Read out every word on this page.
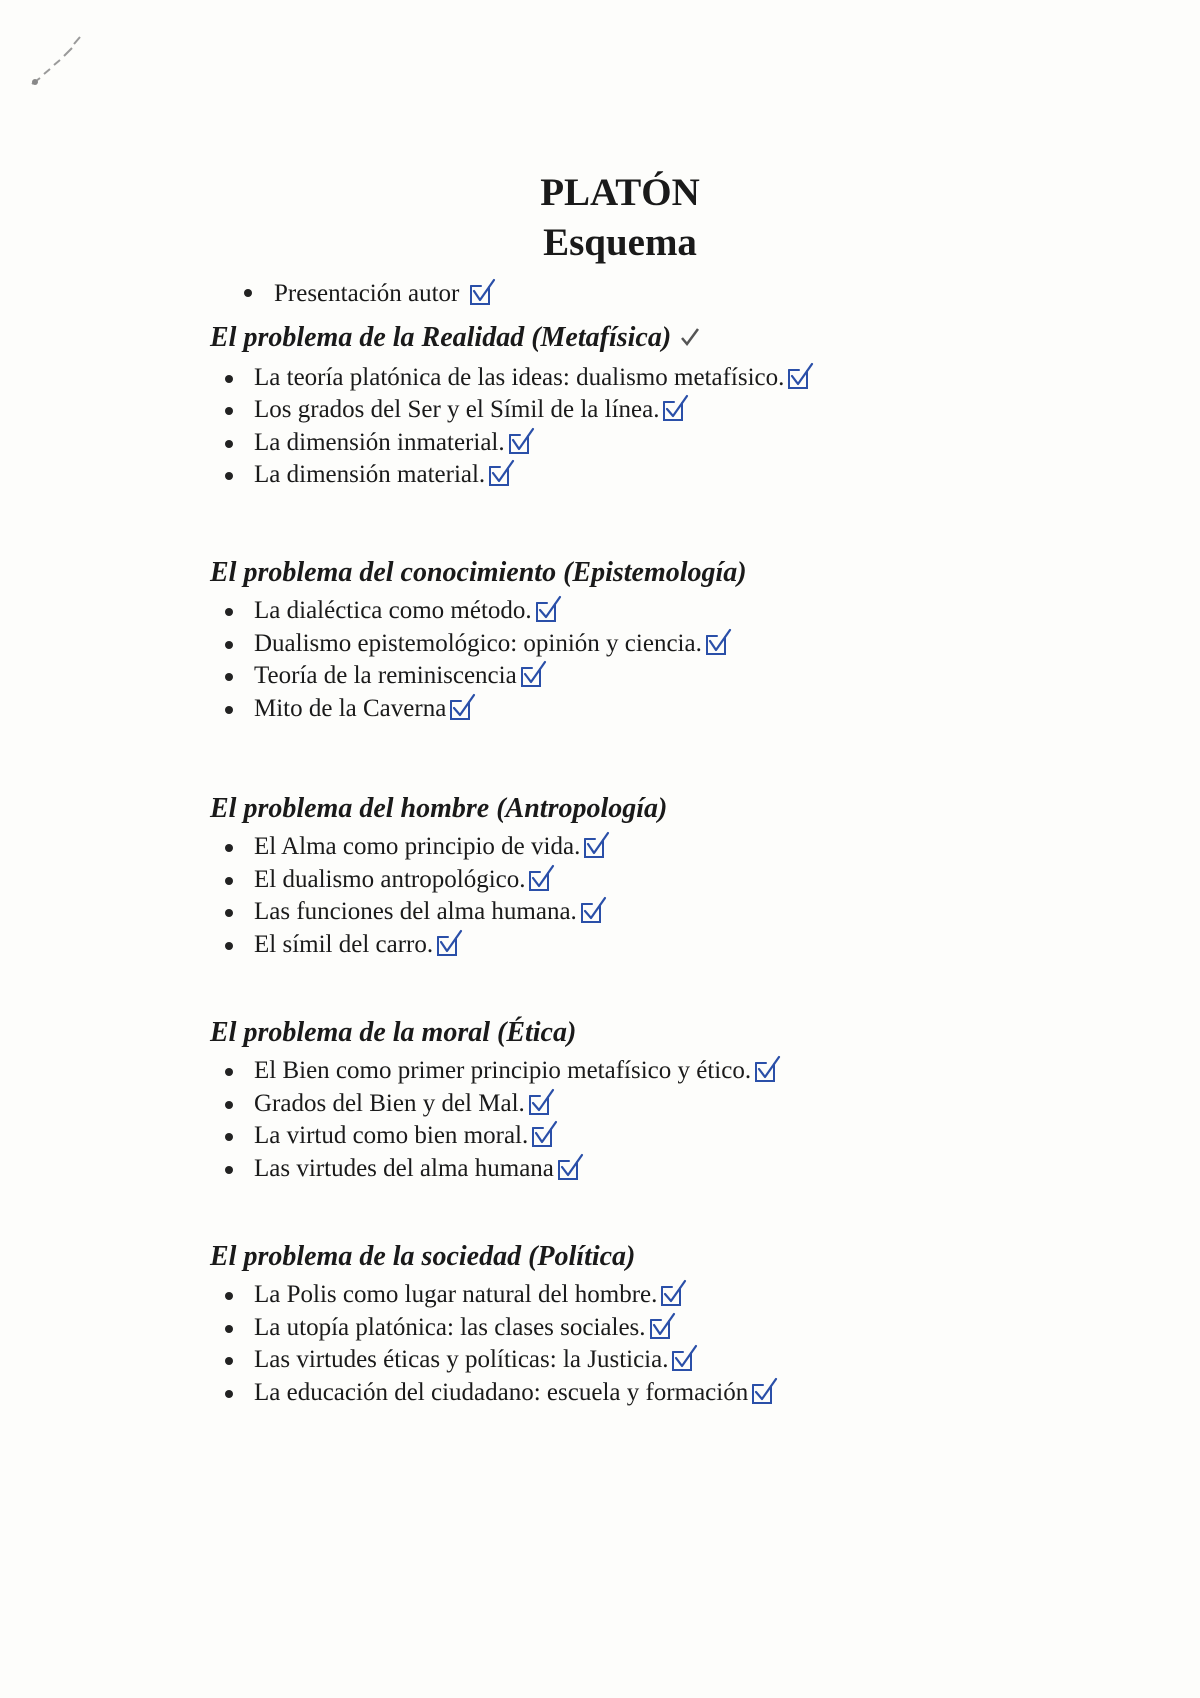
PLATÓN
Esquema
Presentación autor
El problema de la Realidad (Metafísica)
La teoría platónica de las ideas: dualismo metafísico.
Los grados del Ser y el Símil de la línea.
La dimensión inmaterial.
La dimensión material.
El problema del conocimiento (Epistemología)
La dialéctica como método.
Dualismo epistemológico: opinión y ciencia.
Teoría de la reminiscencia
Mito de la Caverna
El problema del hombre (Antropología)
El Alma como principio de vida.
El dualismo antropológico.
Las funciones del alma humana.
El símil del carro.
El problema de la moral (Ética)
El Bien como primer principio metafísico y ético.
Grados del Bien y del Mal.
La virtud como bien moral.
Las virtudes del alma humana
El problema de la sociedad (Política)
La Polis como lugar natural del hombre.
La utopía platónica: las clases sociales.
Las virtudes éticas y políticas: la Justicia.
La educación del ciudadano: escuela y formación
